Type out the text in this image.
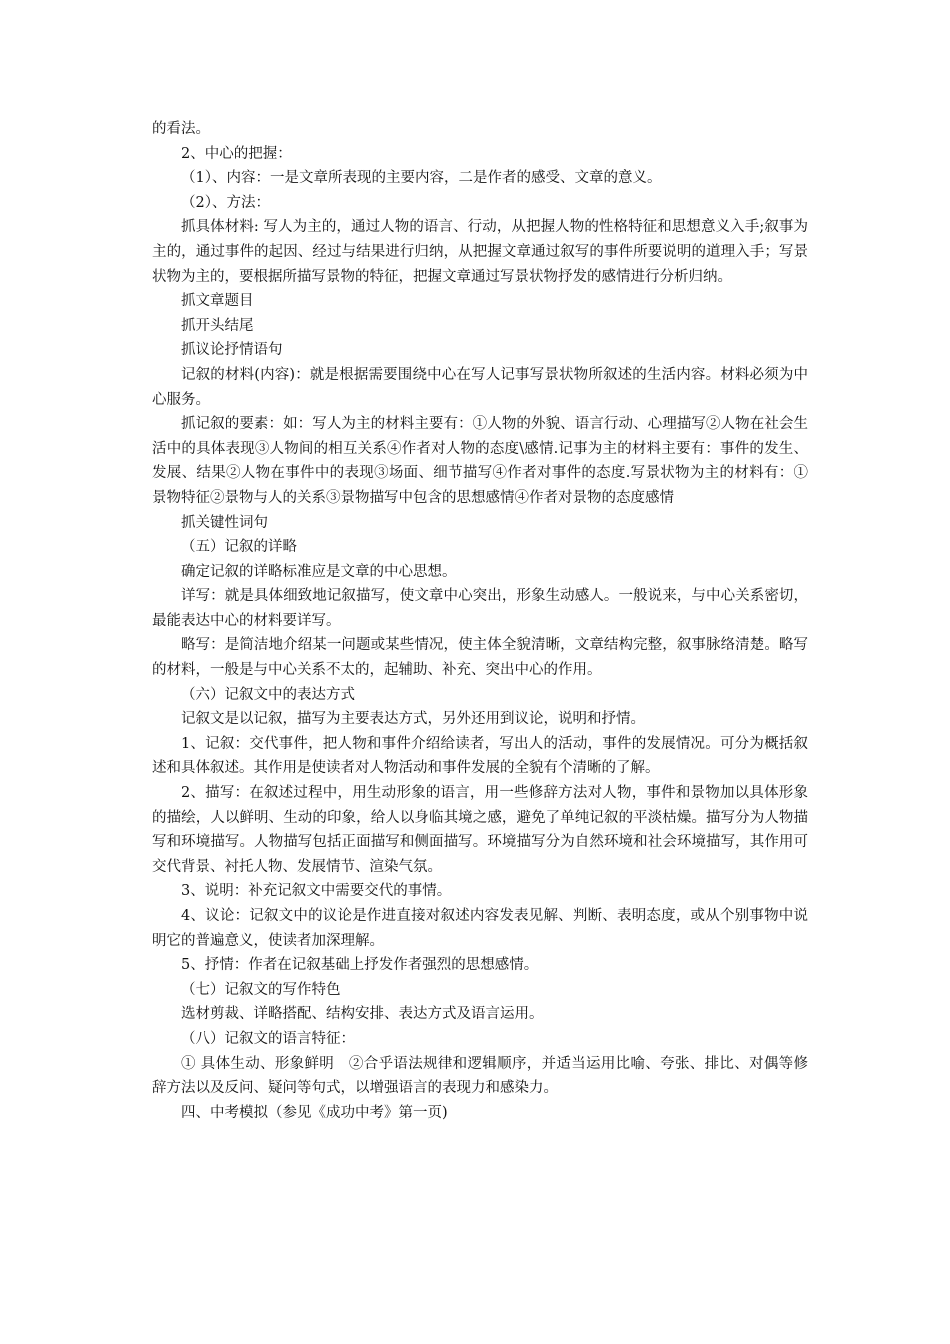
的看法。

2、中心的把握：

（1）、内容：一是文章所表现的主要内容，二是作者的感受、文章的意义。

（2）、方法：

抓具体材料: 写人为主的，通过人物的语言、行动，从把握人物的性格特征和思想意义入手;叙事为主的，通过事件的起因、经过与结果进行归纳，从把握文章通过叙写的事件所要说明的道理入手；写景状物为主的，要根据所描写景物的特征，把握文章通过写景状物抒发的感情进行分析归纳。

抓文章题目

抓开头结尾

抓议论抒情语句

记叙的材料(内容)：就是根据需要围绕中心在写人记事写景状物所叙述的生活内容。材料必须为中心服务。

抓记叙的要素：如：写人为主的材料主要有：①人物的外貌、语言行动、心理描写②人物在社会生活中的具体表现③人物间的相互关系④作者对人物的态度\感情.记事为主的材料主要有：事件的发生、发展、结果②人物在事件中的表现③场面、细节描写④作者对事件的态度.写景状物为主的材料有：①景物特征②景物与人的关系③景物描写中包含的思想感情④作者对景物的态度感情

抓关键性词句

（五）记叙的详略

确定记叙的详略标准应是文章的中心思想。

详写：就是具体细致地记叙描写，使文章中心突出，形象生动感人。一般说来，与中心关系密切，最能表达中心的材料要详写。

略写：是简洁地介绍某一问题或某些情况，使主体全貌清晰，文章结构完整，叙事脉络清楚。略写的材料，一般是与中心关系不太的，起辅助、补充、突出中心的作用。

（六）记叙文中的表达方式

记叙文是以记叙，描写为主要表达方式，另外还用到议论，说明和抒情。

1、记叙：交代事件，把人物和事件介绍给读者，写出人的活动，事件的发展情况。可分为概括叙述和具体叙述。其作用是使读者对人物活动和事件发展的全貌有个清晰的了解。

2、描写：在叙述过程中，用生动形象的语言，用一些修辞方法对人物，事件和景物加以具体形象的描绘，人以鲜明、生动的印象，给人以身临其境之感，避免了单纯记叙的平淡枯燥。描写分为人物描写和环境描写。人物描写包括正面描写和侧面描写。环境描写分为自然环境和社会环境描写，其作用可交代背景、衬托人物、发展情节、渲染气氛。

3、说明：补充记叙文中需要交代的事情。

4、议论：记叙文中的议论是作进直接对叙述内容发表见解、判断、表明态度，或从个别事物中说明它的普遍意义，使读者加深理解。

5、抒情：作者在记叙基础上抒发作者强烈的思想感情。

（七）记叙文的写作特色

选材剪裁、详略搭配、结构安排、表达方式及语言运用。

（八）记叙文的语言特征：

① 具体生动、形象鲜明　②合乎语法规律和逻辑顺序，并适当运用比喻、夸张、排比、对偶等修辞方法以及反问、疑问等句式，以增强语言的表现力和感染力。

四、中考模拟（参见《成功中考》第一页)
